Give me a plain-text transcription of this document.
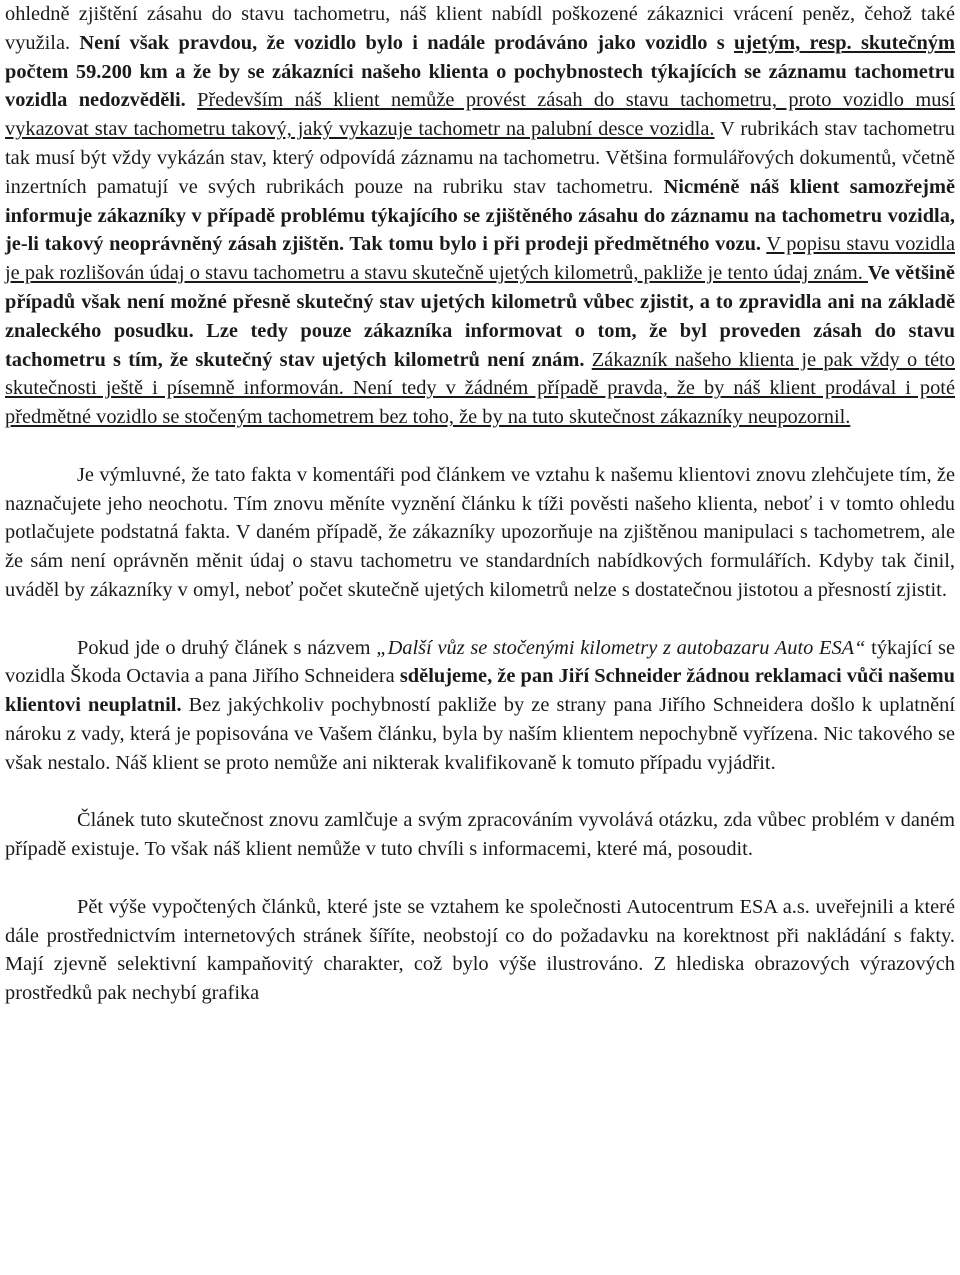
ohledně zjištění zásahu do stavu tachometru, náš klient nabídl poškozené zákaznici vrácení peněz, čehož také využila. Není však pravdou, že vozidlo bylo i nadále prodáváno jako vozidlo s ujetým, resp. skutečným počtem 59.200 km a že by se zákazníci našeho klienta o pochybnostech týkajících se záznamu tachometru vozidla nedozvěděli. Především náš klient nemůže provést zásah do stavu tachometru, proto vozidlo musí vykazovat stav tachometru takový, jaký vykazuje tachometr na palubní desce vozidla. V rubrikách stav tachometru tak musí být vždy vykázán stav, který odpovídá záznamu na tachometru. Většina formulářových dokumentů, včetně inzertních pamatují ve svých rubrikách pouze na rubriku stav tachometru. Nicméně náš klient samozřejmě informuje zákazníky v případě problému týkajícího se zjištěného zásahu do záznamu na tachometru vozidla, je-li takový neoprávněný zásah zjištěn. Tak tomu bylo i při prodeji předmětného vozu. V popisu stavu vozidla je pak rozlišován údaj o stavu tachometru a stavu skutečně ujetých kilometrů, pakliže je tento údaj znám. Ve většině případů však není možné přesně skutečný stav ujetých kilometrů vůbec zjistit, a to zpravidla ani na základě znaleckého posudku. Lze tedy pouze zákazníka informovat o tom, že byl proveden zásah do stavu tachometru s tím, že skutečný stav ujetých kilometrů není znám. Zákazník našeho klienta je pak vždy o této skutečnosti ještě i písemně informován. Není tedy v žádném případě pravda, že by náš klient prodával i poté předmětné vozidlo se stočeným tachometrem bez toho, že by na tuto skutečnost zákazníky neupozornil.

Je výmluvné, že tato fakta v komentáři pod článkem ve vztahu k našemu klientovi znovu zlehčujete tím, že naznačujete jeho neochotu. Tím znovu měníte vyznění článku k tíži pověsti našeho klienta, neboť i v tomto ohledu potlačujete podstatná fakta. V daném případě, že zákazníky upozorňuje na zjištěnou manipulaci s tachometrem, ale že sám není oprávněn měnit údaj o stavu tachometru ve standardních nabídkových formulářích. Kdyby tak činil, uváděl by zákazníky v omyl, neboť počet skutečně ujetých kilometrů nelze s dostatečnou jistotou a přesností zjistit.

Pokud jde o druhý článek s názvem „Další vůz se stočenými kilometry z autobazaru Auto ESA“ týkající se vozidla Škoda Octavia a pana Jiřího Schneidera sdělujeme, že pan Jiří Schneider žádnou reklamaci vůči našemu klientovi neuplatnil. Bez jakýchkoliv pochybností pakliže by ze strany pana Jiřího Schneidera došlo k uplatnění nároku z vady, která je popisována ve Vašem článku, byla by naším klientem nepochybně vyřízena. Nic takového se však nestalo. Náš klient se proto nemůže ani nikterak kvalifikovaně k tomuto případu vyjádřit.

Článek tuto skutečnost znovu zamlčuje a svým zpracováním vyvolává otázku, zda vůbec problém v daném případě existuje. To však náš klient nemůže v tuto chvíli s informacemi, které má, posoudit.

Pět výše vypočtených článků, které jste se vztahem ke společnosti Autocentrum ESA a.s. uveřejnili a které dále prostřednictvím internetových stránek šíříte, neobstojí co do požadavku na korektnost při nakládání s fakty. Mají zjevně selektivní kampaňovitý charakter, což bylo výše ilustrováno. Z hlediska obrazových výrazových prostředků pak nechybí grafika
